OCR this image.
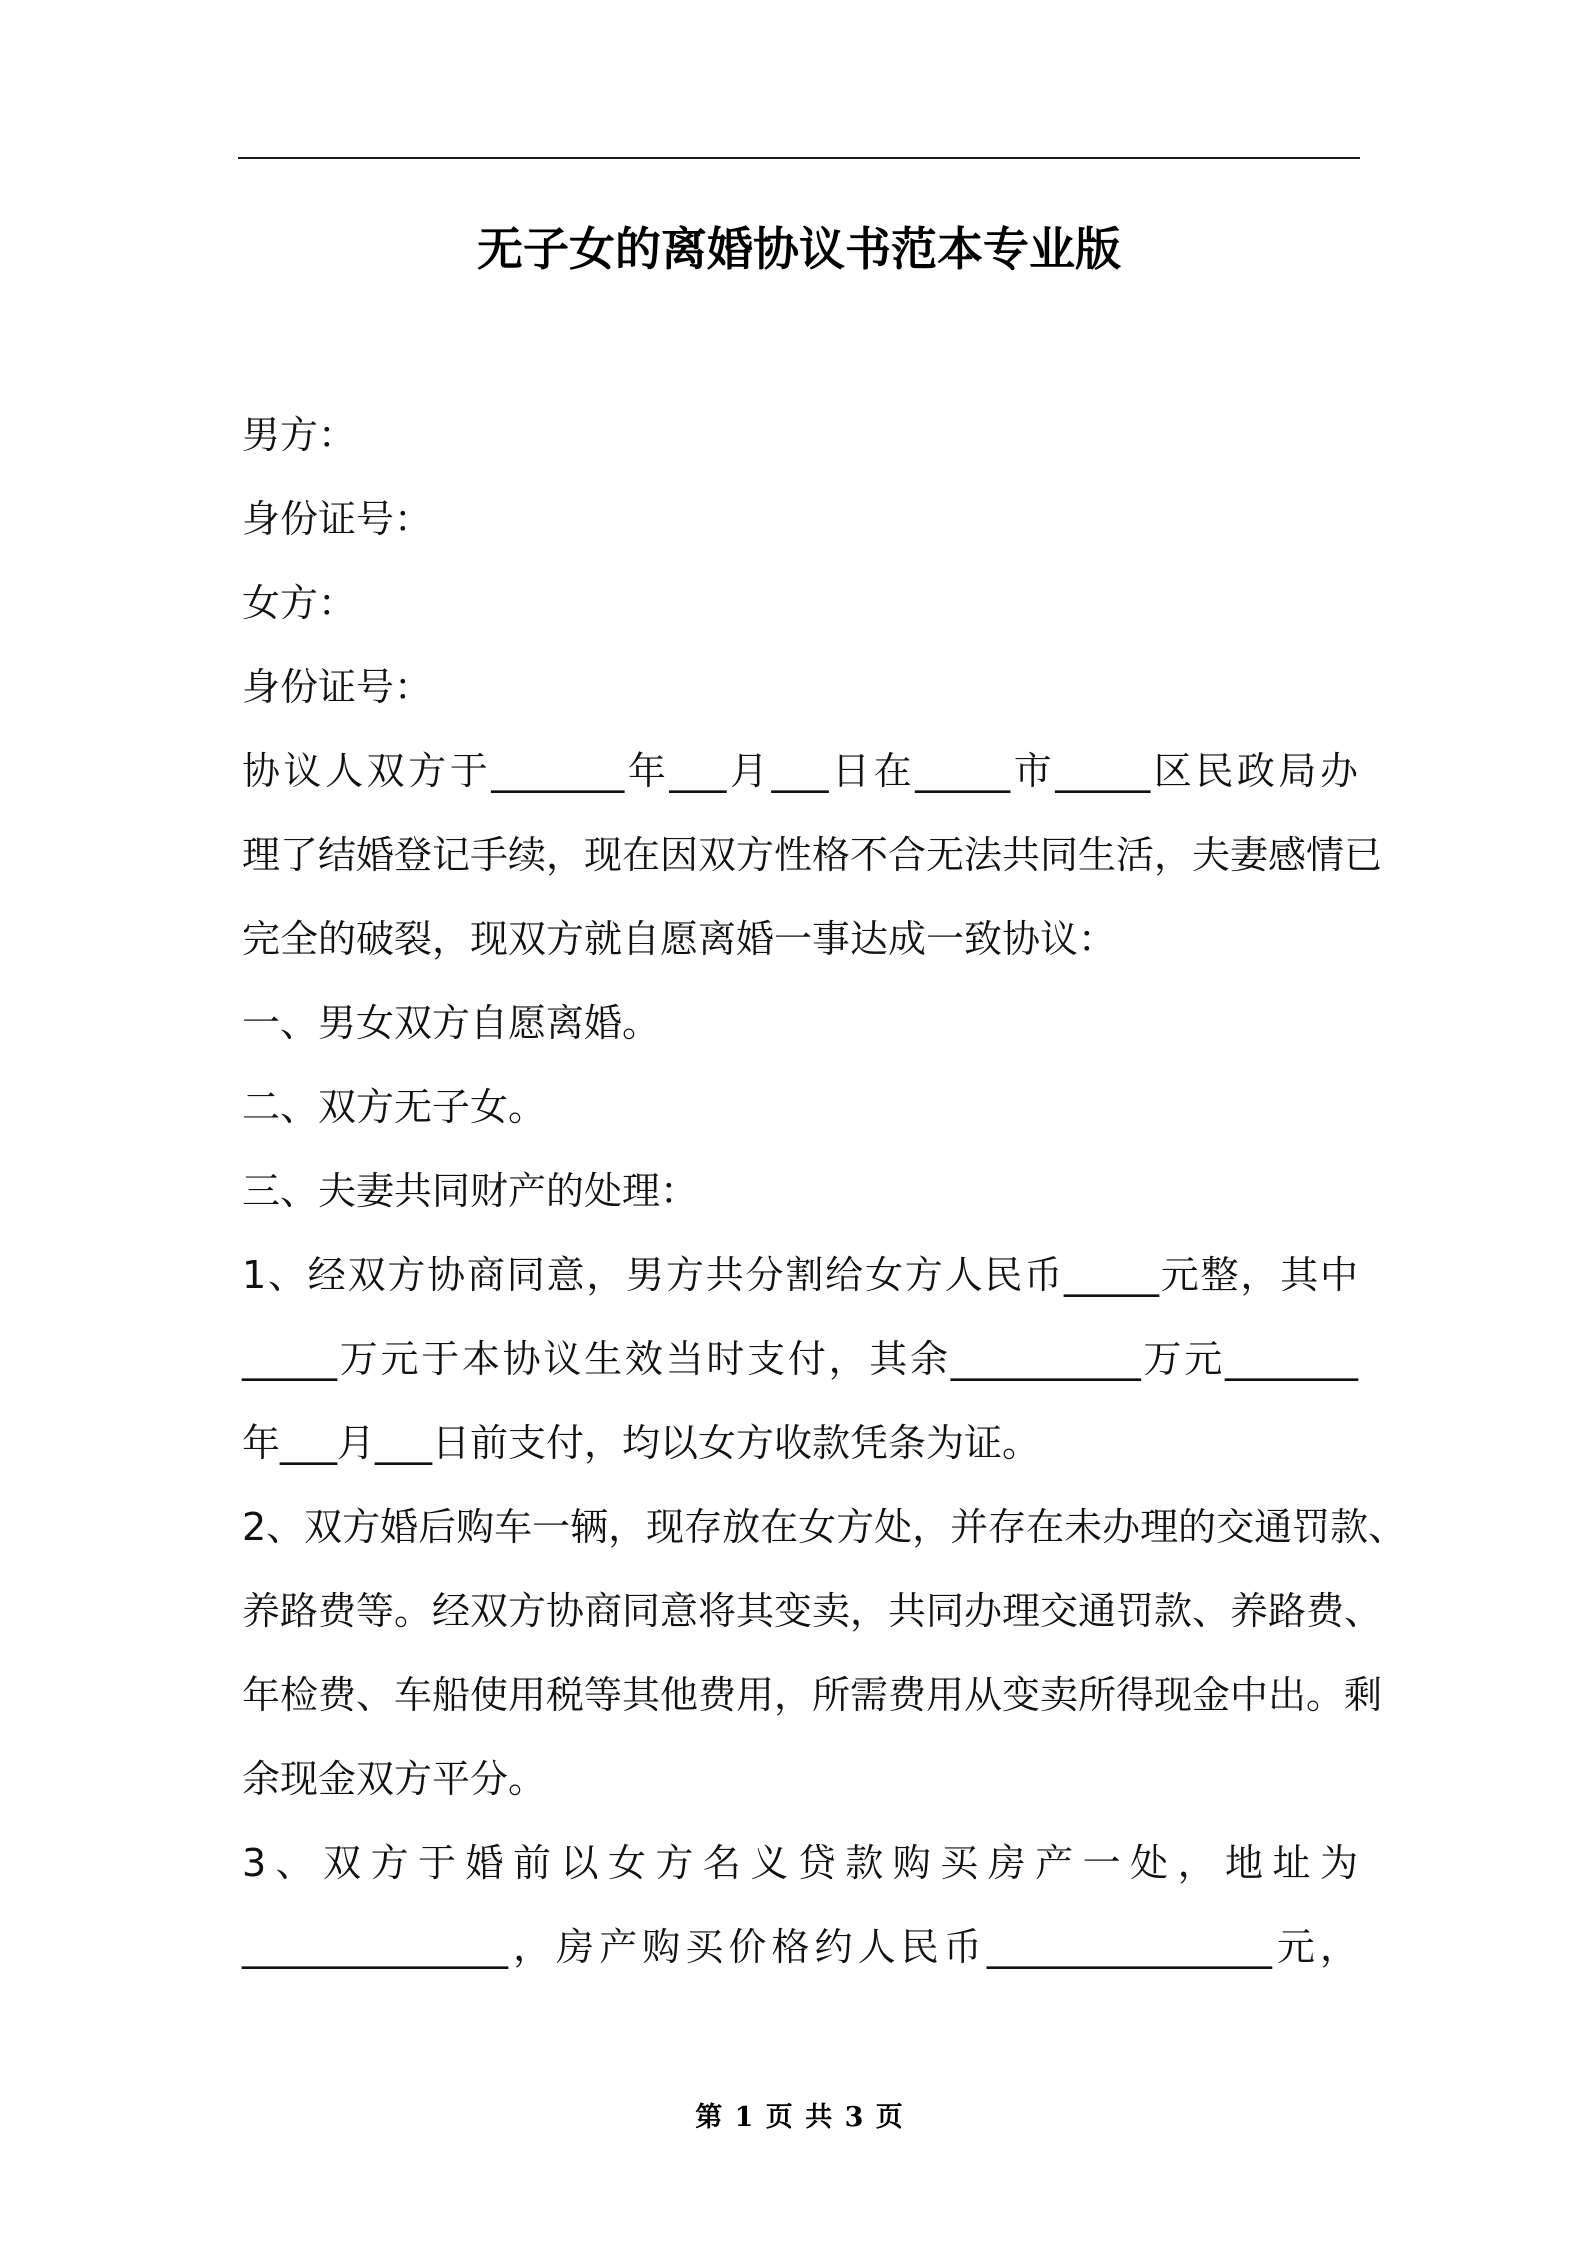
无子女的离婚协议书范本专业版
男方：
身份证号：
女方：
身份证号：
协议人双方于_______年___月___日在_____市_____区民政局办
理了结婚登记手续，现在因双方性格不合无法共同生活，夫妻感情已
完全的破裂，现双方就自愿离婚一事达成一致协议：
一、男女双方自愿离婚。
二、双方无子女。
三、夫妻共同财产的处理：
1、经双方协商同意，男方共分割给女方人民币_____元整，其中
_____万元于本协议生效当时支付，其余__________万元_______
年___月___日前支付，均以女方收款凭条为证。
2、双方婚后购车一辆，现存放在女方处，并存在未办理的交通罚款、
养路费等。经双方协商同意将其变卖，共同办理交通罚款、养路费、
年检费、车船使用税等其他费用，所需费用从变卖所得现金中出。剩
余现金双方平分。
3、双方于婚前以女方名义贷款购买房产一处，地址为
______________，房产购买价格约人民币_______________元，
第 1 页 共 3 页
